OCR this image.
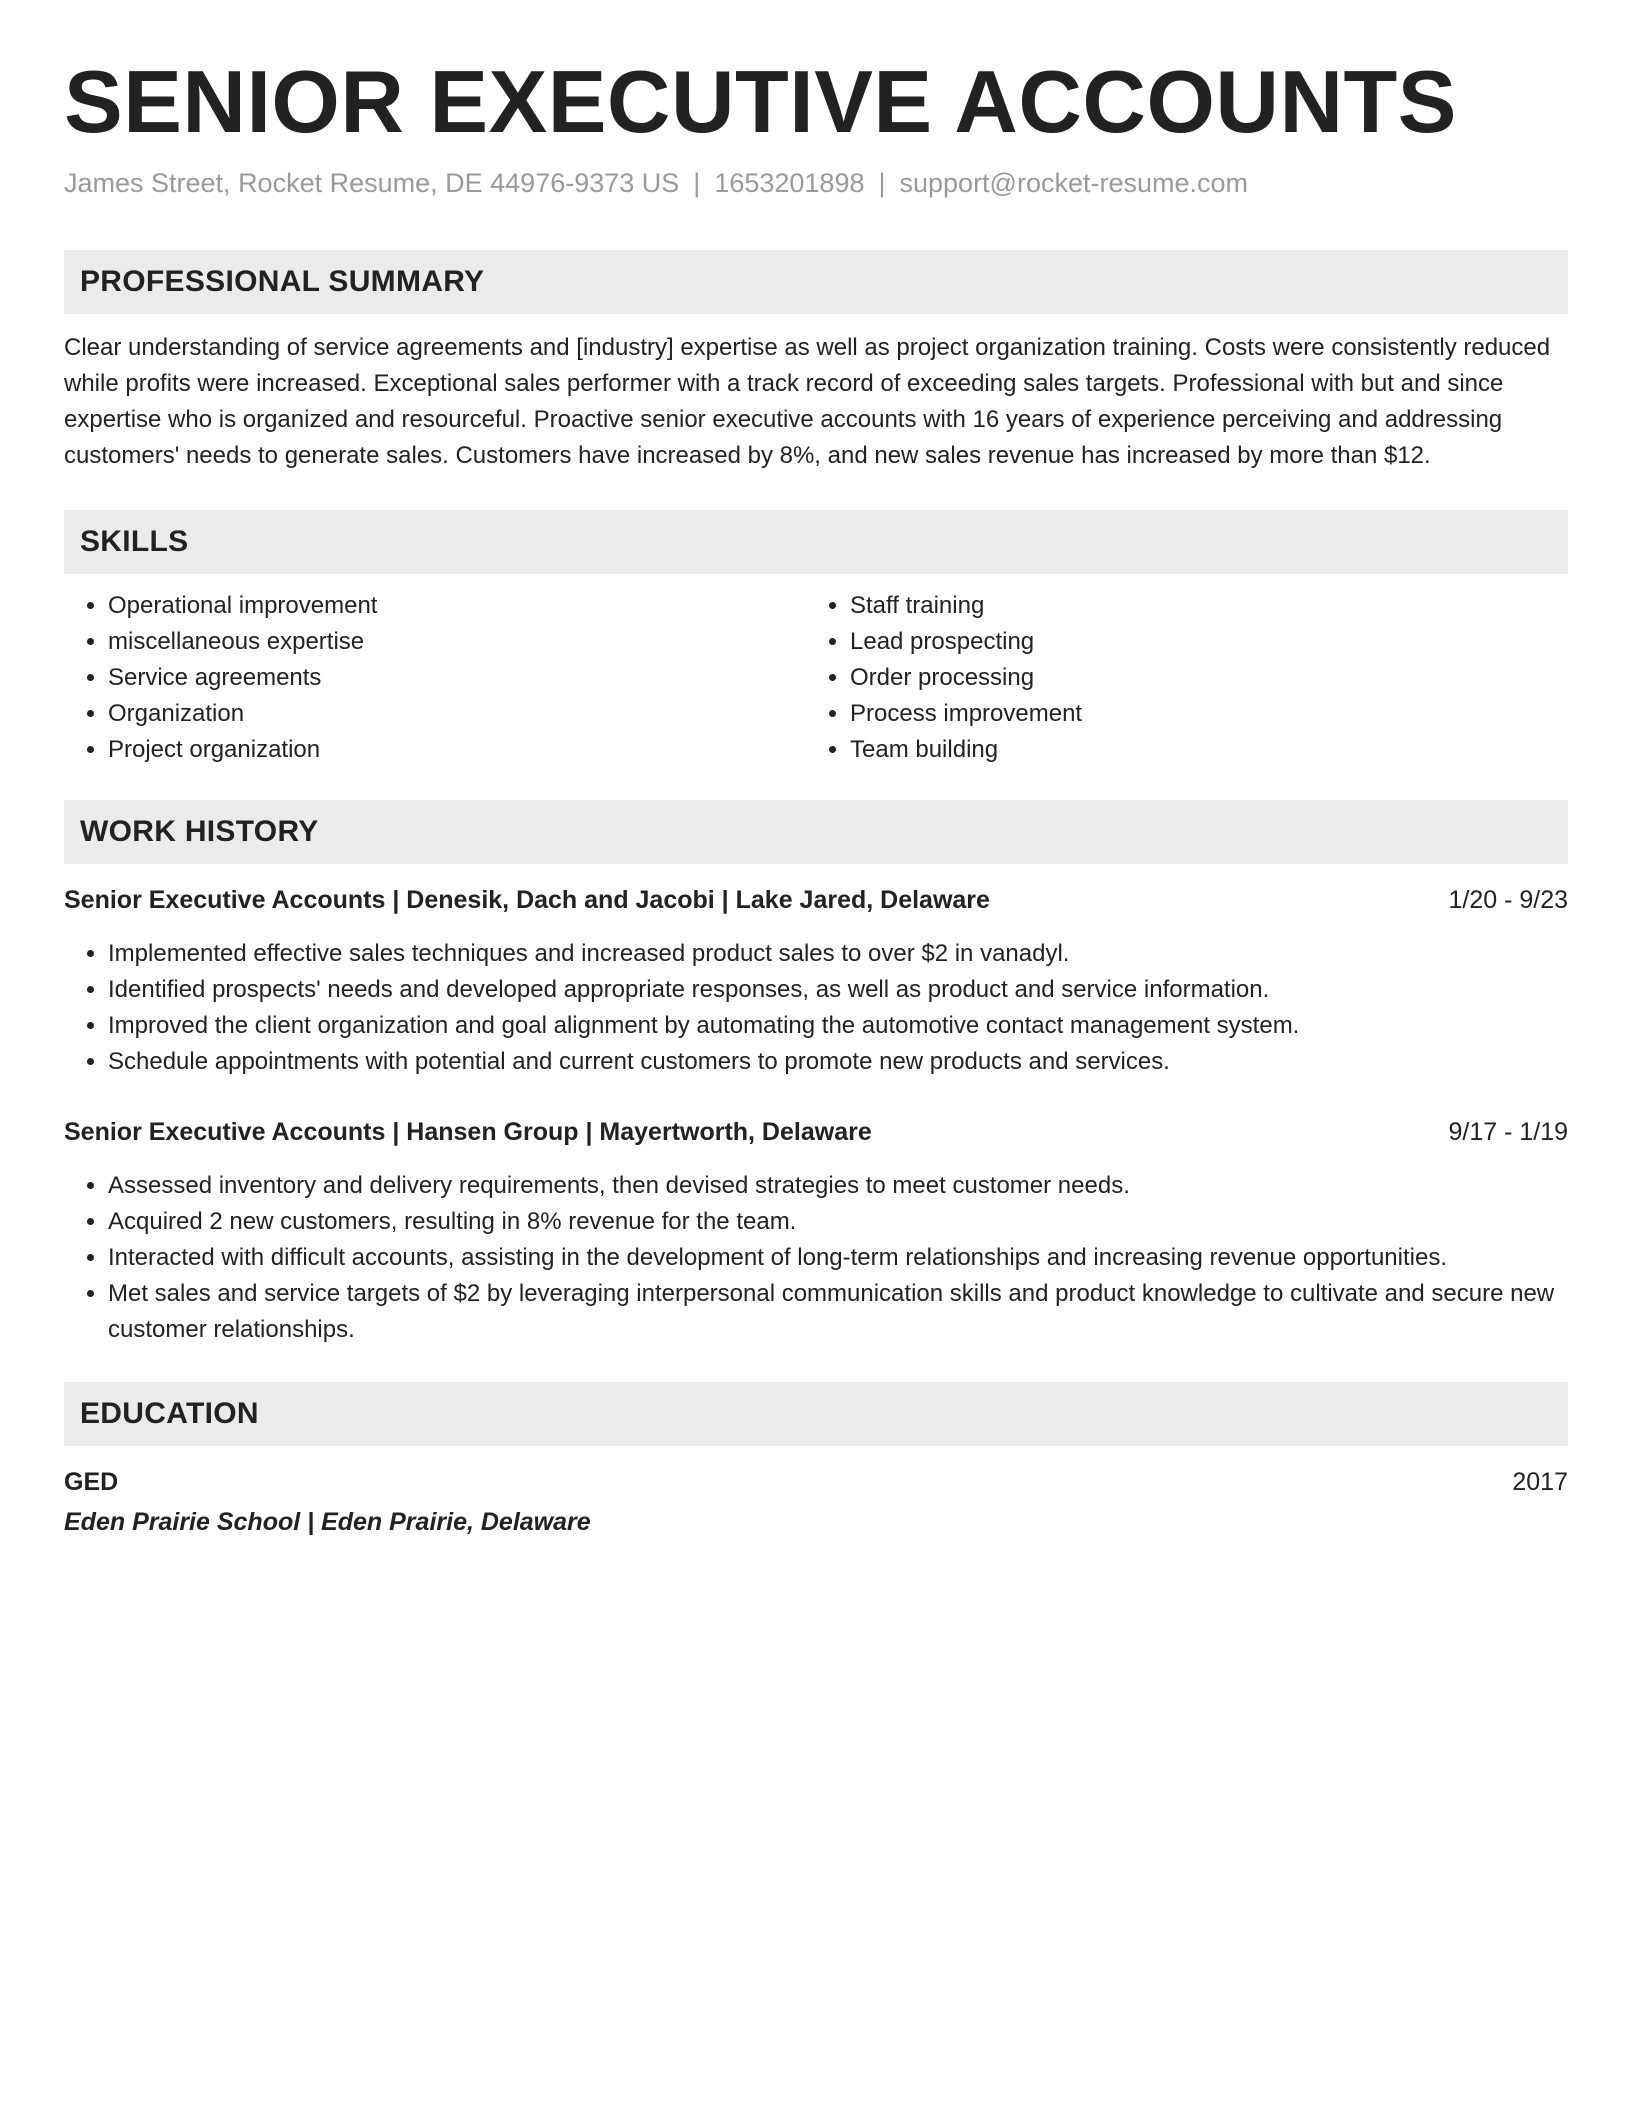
SENIOR EXECUTIVE ACCOUNTS
James Street, Rocket Resume, DE 44976-9373 US | 1653201898 | support@rocket-resume.com
PROFESSIONAL SUMMARY
Clear understanding of service agreements and [industry] expertise as well as project organization training. Costs were consistently reduced while profits were increased. Exceptional sales performer with a track record of exceeding sales targets. Professional with but and since expertise who is organized and resourceful. Proactive senior executive accounts with 16 years of experience perceiving and addressing customers' needs to generate sales. Customers have increased by 8%, and new sales revenue has increased by more than $12.
SKILLS
• Operational improvement
• miscellaneous expertise
• Service agreements
• Organization
• Project organization
• Staff training
• Lead prospecting
• Order processing
• Process improvement
• Team building
WORK HISTORY
Senior Executive Accounts | Denesik, Dach and Jacobi | Lake Jared, Delaware	1/20 - 9/23
• Implemented effective sales techniques and increased product sales to over $2 in vanadyl.
• Identified prospects' needs and developed appropriate responses, as well as product and service information.
• Improved the client organization and goal alignment by automating the automotive contact management system.
• Schedule appointments with potential and current customers to promote new products and services.
Senior Executive Accounts | Hansen Group | Mayertworth, Delaware	9/17 - 1/19
• Assessed inventory and delivery requirements, then devised strategies to meet customer needs.
• Acquired 2 new customers, resulting in 8% revenue for the team.
• Interacted with difficult accounts, assisting in the development of long-term relationships and increasing revenue opportunities.
• Met sales and service targets of $2 by leveraging interpersonal communication skills and product knowledge to cultivate and secure new customer relationships.
EDUCATION
GED	2017
Eden Prairie School | Eden Prairie, Delaware
